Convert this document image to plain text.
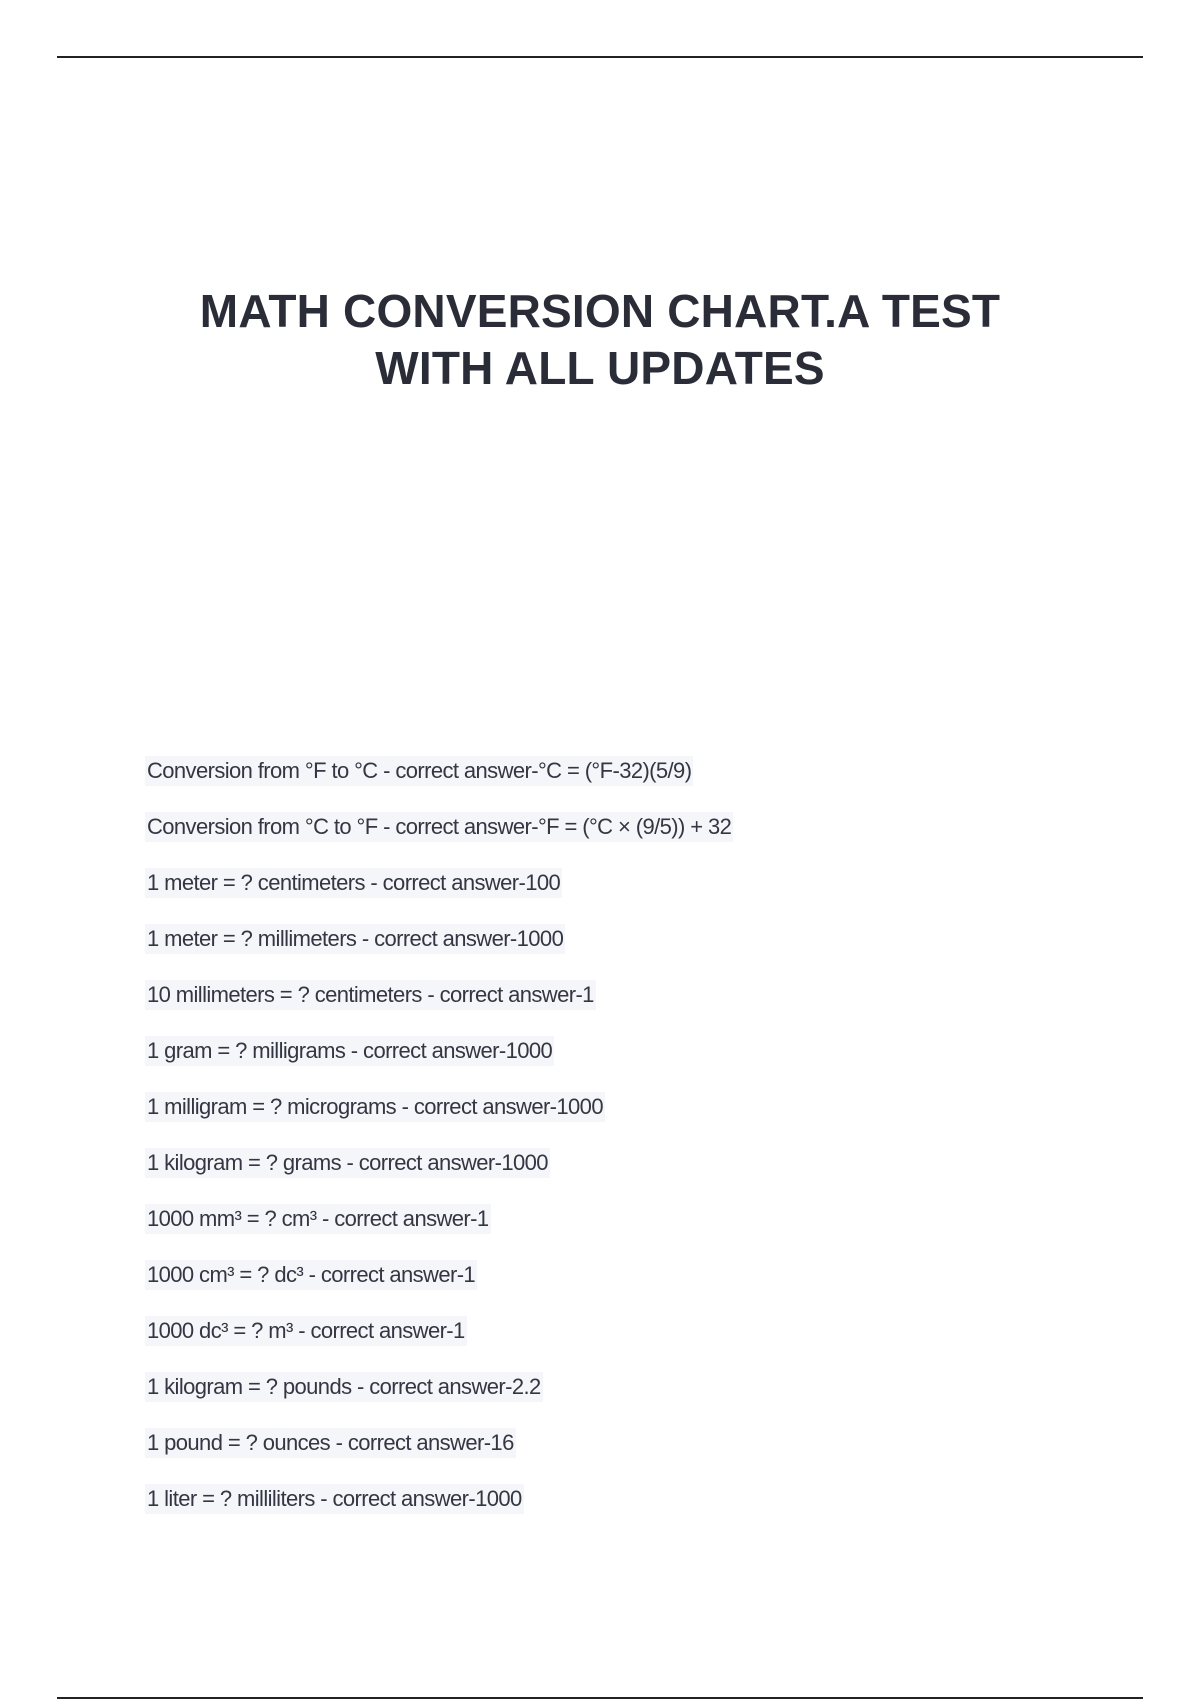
MATH CONVERSION CHART.A TEST
WITH ALL UPDATES
Conversion from °F to °C - correct answer-°C = (°F-32)(5/9)
Conversion from °C to °F - correct answer-°F = (°C × (9/5)) + 32
1 meter = ? centimeters - correct answer-100
1 meter = ? millimeters - correct answer-1000
10 millimeters = ? centimeters - correct answer-1
1 gram = ? milligrams - correct answer-1000
1 milligram = ? micrograms - correct answer-1000
1 kilogram = ? grams - correct answer-1000
1000 mm³ = ? cm³ - correct answer-1
1000 cm³ = ? dc³ - correct answer-1
1000 dc³ = ? m³ - correct answer-1
1 kilogram = ? pounds - correct answer-2.2
1 pound = ? ounces - correct answer-16
1 liter = ? milliliters - correct answer-1000
